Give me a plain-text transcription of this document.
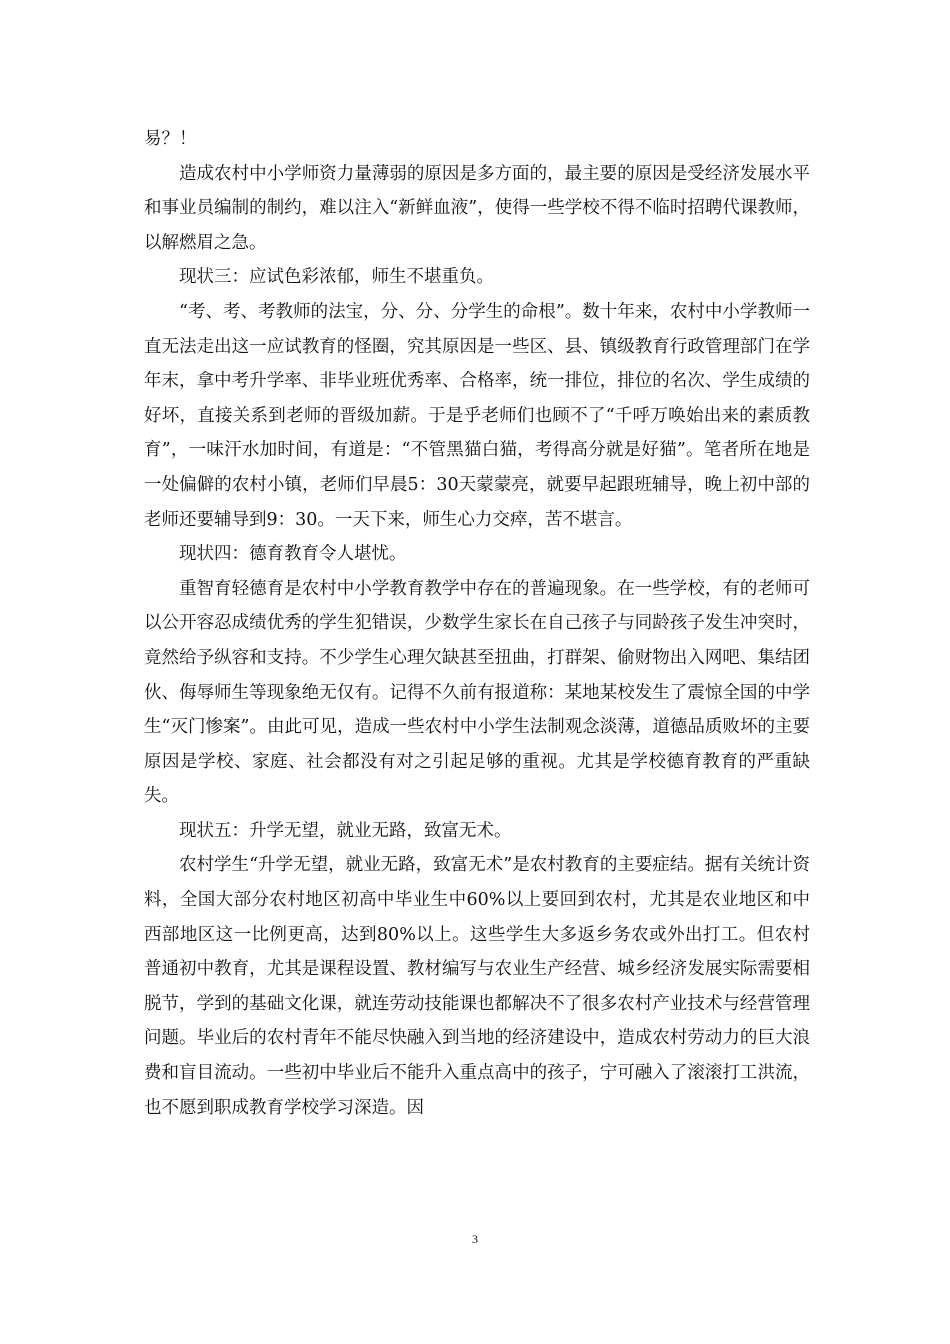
易？！

造成农村中小学师资力量薄弱的原因是多方面的，最主要的原因是受经济发展水平和事业员编制的制约，难以注入“新鲜血液”，使得一些学校不得不临时招聘代课教师，以解燃眉之急。

现状三：应试色彩浓郁，师生不堪重负。

“考、考、考教师的法宝，分、分、分学生的命根”。数十年来，农村中小学教师一直无法走出这一应试教育的怪圈，究其原因是一些区、县、镇级教育行政管理部门在学年末，拿中考升学率、非毕业班优秀率、合格率，统一排位，排位的名次、学生成绩的好坏，直接关系到老师的晋级加薪。于是乎老师们也顾不了“千呼万唤始出来的素质教育”，一味汗水加时间，有道是：“不管黑猫白猫，考得高分就是好猫”。笔者所在地是一处偏僻的农村小镇，老师们早晨5：30天蒙蒙亮，就要早起跟班辅导，晚上初中部的老师还要辅导到9：30。一天下来，师生心力交瘁，苦不堪言。

现状四：德育教育令人堪忧。

重智育轻德育是农村中小学教育教学中存在的普遍现象。在一些学校，有的老师可以公开容忍成绩优秀的学生犯错误，少数学生家长在自己孩子与同龄孩子发生冲突时，竟然给予纵容和支持。不少学生心理欠缺甚至扭曲，打群架、偷财物出入网吧、集结团伙、侮辱师生等现象绝无仅有。记得不久前有报道称：某地某校发生了震惊全国的中学生“灭门惨案”。由此可见，造成一些农村中小学生法制观念淡薄，道德品质败坏的主要原因是学校、家庭、社会都没有对之引起足够的重视。尤其是学校德育教育的严重缺失。

现状五：升学无望，就业无路，致富无术。

农村学生“升学无望，就业无路，致富无术”是农村教育的主要症结。据有关统计资料，全国大部分农村地区初高中毕业生中60%以上要回到农村，尤其是农业地区和中西部地区这一比例更高，达到80%以上。这些学生大多返乡务农或外出打工。但农村普通初中教育，尤其是课程设置、教材编写与农业生产经营、城乡经济发展实际需要相脱节，学到的基础文化课，就连劳动技能课也都解决不了很多农村产业技术与经营管理问题。毕业后的农村青年不能尽快融入到当地的经济建设中，造成农村劳动力的巨大浪费和盲目流动。一些初中毕业后不能升入重点高中的孩子，宁可融入了滚滚打工洪流，也不愿到职成教育学校学习深造。因

3
